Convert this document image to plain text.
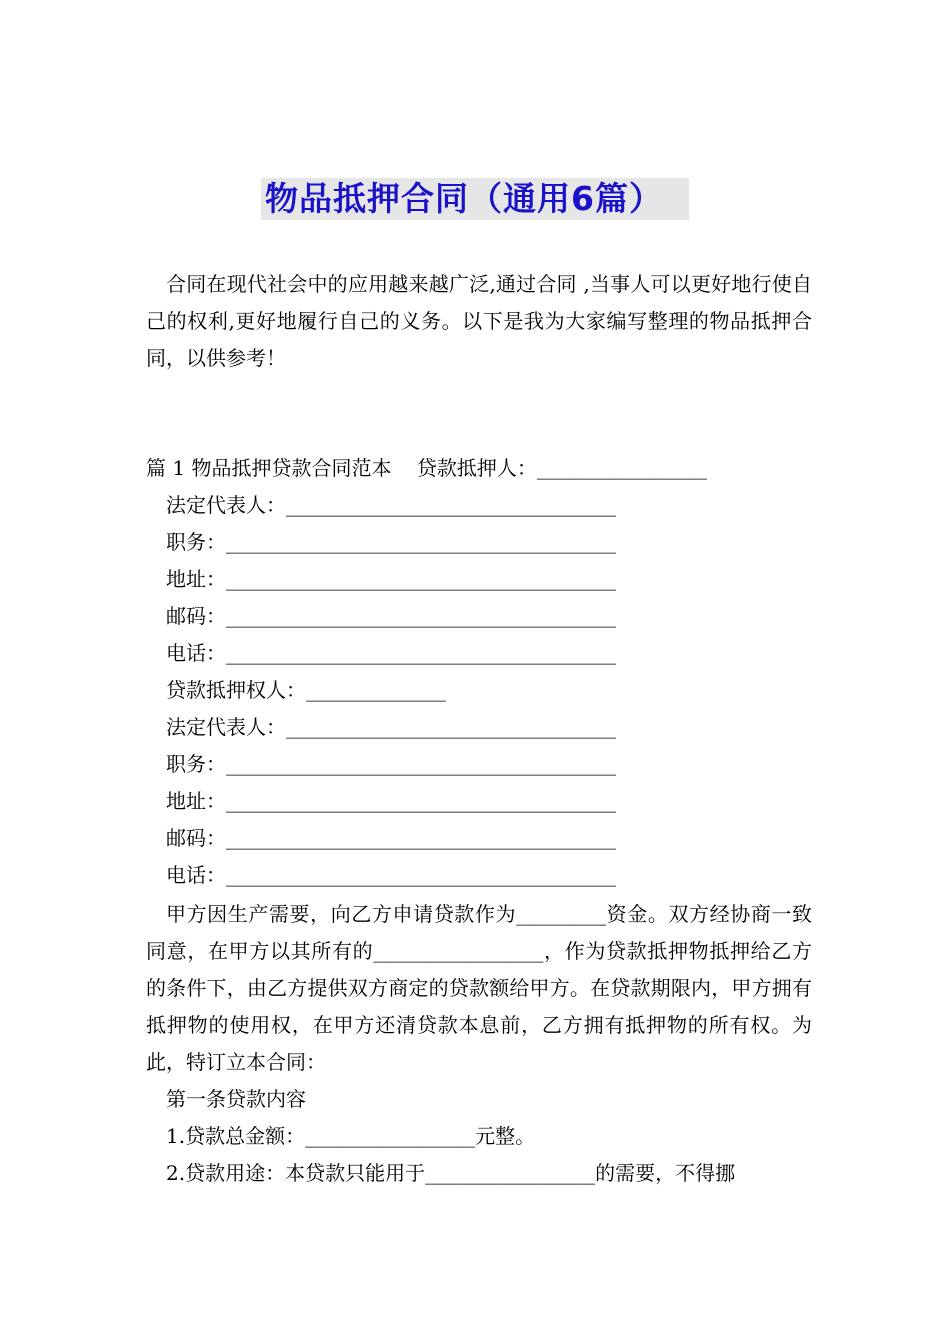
物品抵押合同（通用6篇）

合同在现代社会中的应用越来越广泛,通过合同 ,当事人可以更好地行使自己的权利,更好地履行自己的义务。以下是我为大家编写整理的物品抵押合同，以供参考！

篇 1 物品抵押贷款合同范本    贷款抵押人：_________________
法定代表人：_________________________________
职务：_______________________________________
地址：_______________________________________
邮码：_______________________________________
电话：_______________________________________
贷款抵押权人：______________
法定代表人：_________________________________
职务：_______________________________________
地址：_______________________________________
邮码：_______________________________________
电话：_______________________________________

甲方因生产需要，向乙方申请贷款作为_________资金。双方经协商一致同意，在甲方以其所有的_________________，作为贷款抵押物抵押给乙方的条件下，由乙方提供双方商定的贷款额给甲方。在贷款期限内，甲方拥有抵押物的使用权，在甲方还清贷款本息前，乙方拥有抵押物的所有权。为此，特订立本合同：

第一条贷款内容
1.贷款总金额：_________________元整。
2.贷款用途：本贷款只能用于_________________的需要，不得挪
